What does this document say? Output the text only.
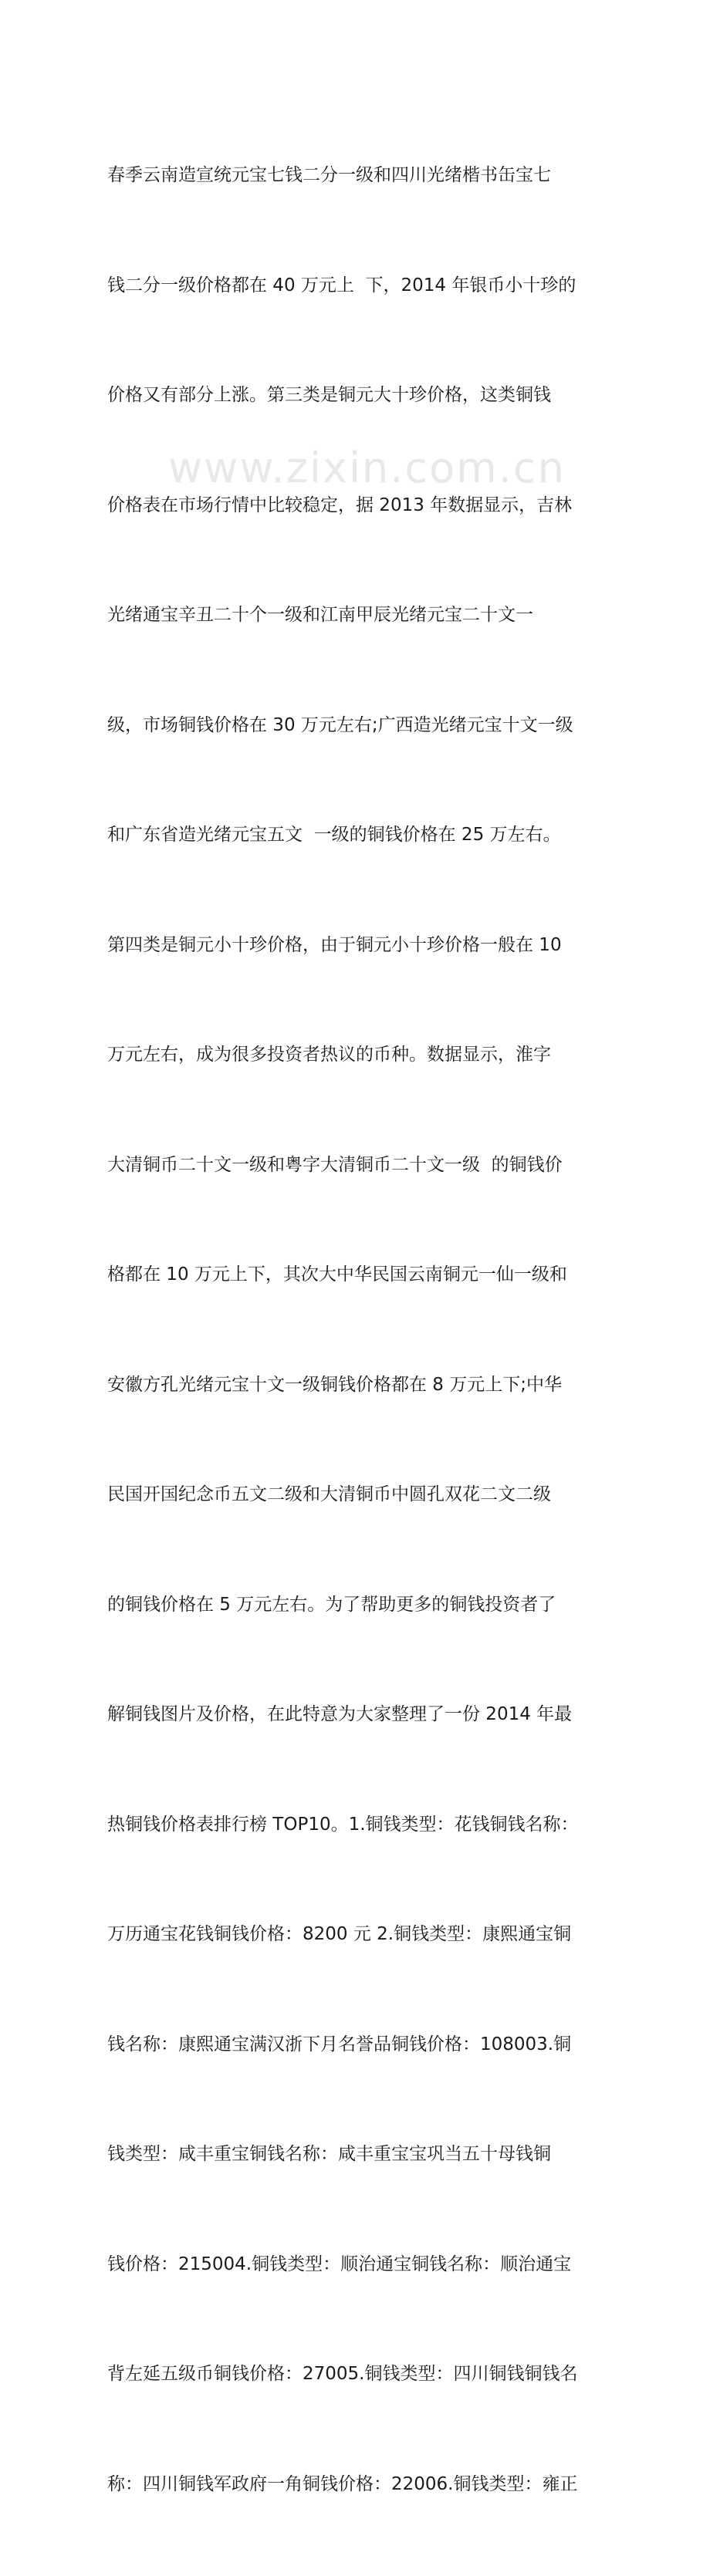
春季云南造宣统元宝七钱二分一级和四川光绪楷书缶宝七

钱二分一级价格都在 40 万元上  下，2014 年银币小十珍的

价格又有部分上涨。第三类是铜元大十珍价格，这类铜钱

价格表在市场行情中比较稳定，据 2013 年数据显示，吉林

光绪通宝辛丑二十个一级和江南甲辰光绪元宝二十文一

级，市场铜钱价格在 30 万元左右;广西造光绪元宝十文一级

和广东省造光绪元宝五文  一级的铜钱价格在 25 万左右。

第四类是铜元小十珍价格，由于铜元小十珍价格一般在 10

万元左右，成为很多投资者热议的币种。数据显示，淮字

大清铜币二十文一级和粤字大清铜币二十文一级  的铜钱价

格都在 10 万元上下，其次大中华民国云南铜元一仙一级和

安徽方孔光绪元宝十文一级铜钱价格都在 8 万元上下;中华

民国开国纪念币五文二级和大清铜币中圆孔双花二文二级

的铜钱价格在 5 万元左右。为了帮助更多的铜钱投资者了

解铜钱图片及价格，在此特意为大家整理了一份 2014 年最

热铜钱价格表排行榜 TOP10。1.铜钱类型：花钱铜钱名称：

万历通宝花钱铜钱价格：8200 元 2.铜钱类型：康熙通宝铜

钱名称：康熙通宝满汉浙下月名誉品铜钱价格：108003.铜

钱类型：咸丰重宝铜钱名称：咸丰重宝宝巩当五十母钱铜

钱价格：215004.铜钱类型：顺治通宝铜钱名称：顺治通宝

背左延五级币铜钱价格：27005.铜钱类型：四川铜钱铜钱名

称：四川铜钱军政府一角铜钱价格：22006.铜钱类型：雍正

www.zixin.com.cn
